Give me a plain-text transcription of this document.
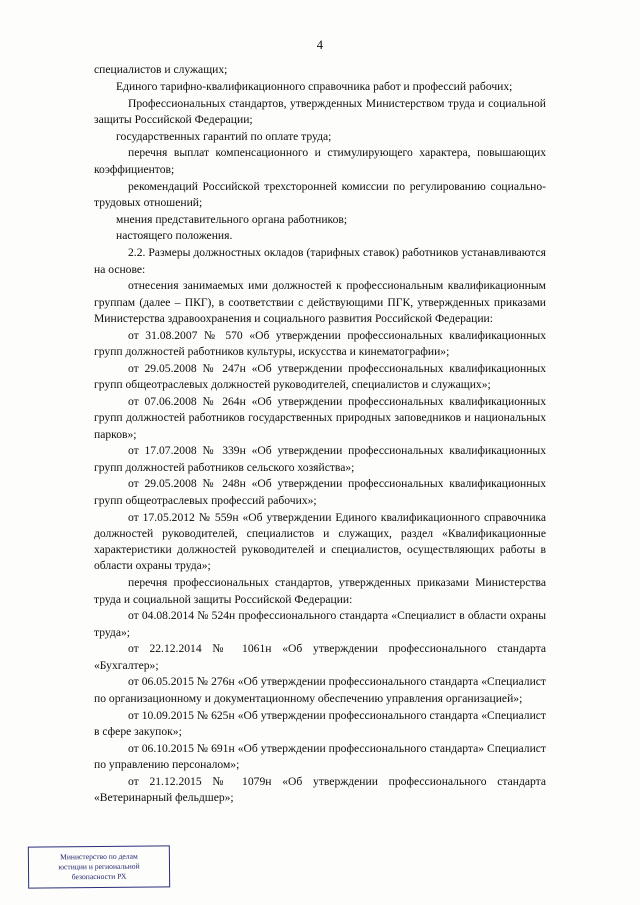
4

специалистов и служащих;

Единого тарифно-квалификационного справочника работ и профессий рабочих;

Профессиональных стандартов, утвержденных Министерством труда и социальной защиты Российской Федерации;

государственных гарантий по оплате труда;

перечня выплат компенсационного и стимулирующего характера, повышающих коэффициентов;

рекомендаций Российской трехсторонней комиссии по регулированию социально-трудовых отношений;

мнения представительного органа работников;

настоящего положения.

2.2. Размеры должностных окладов (тарифных ставок) работников устанавливаются на основе:

отнесения занимаемых ими должностей к профессиональным квалификационным группам (далее – ПКГ), в соответствии с действующими ПГК, утвержденных приказами Министерства здравоохранения и социального развития Российской Федерации:

от 31.08.2007 № 570 «Об утверждении профессиональных квалификационных групп должностей работников культуры, искусства и кинематографии»;

от 29.05.2008 № 247н «Об утверждении профессиональных квалификационных групп общеотраслевых должностей руководителей, специалистов и служащих»;

от 07.06.2008 № 264н «Об утверждении профессиональных квалификационных групп должностей работников государственных природных заповедников и национальных парков»;

от 17.07.2008 № 339н «Об утверждении профессиональных квалификационных групп должностей работников сельского хозяйства»;

от 29.05.2008 № 248н «Об утверждении профессиональных квалификационных групп общеотраслевых профессий рабочих»;

от 17.05.2012 № 559н «Об утверждении Единого квалификационного справочника должностей руководителей, специалистов и служащих, раздел «Квалификационные характеристики должностей руководителей и специалистов, осуществляющих работы в области охраны труда»;

перечня профессиональных стандартов, утвержденных приказами Министерства труда и социальной защиты Российской Федерации:

от 04.08.2014 № 524н профессионального стандарта «Специалист в области охраны труда»;

от 22.12.2014 № 1061н «Об утверждении профессионального стандарта «Бухгалтер»;

от 06.05.2015 № 276н «Об утверждении профессионального стандарта «Специалист по организационному и документационному обеспечению управления организацией»;

от 10.09.2015 № 625н «Об утверждении профессионального стандарта «Специалист в сфере закупок»;

от 06.10.2015 № 691н «Об утверждении профессионального стандарта» Специалист по управлению персоналом»;

от 21.12.2015 № 1079н «Об утверждении профессионального стандарта «Ветеринарный фельдшер»;

Министерство по делам
юстиции и региональной
безопасности РХ
